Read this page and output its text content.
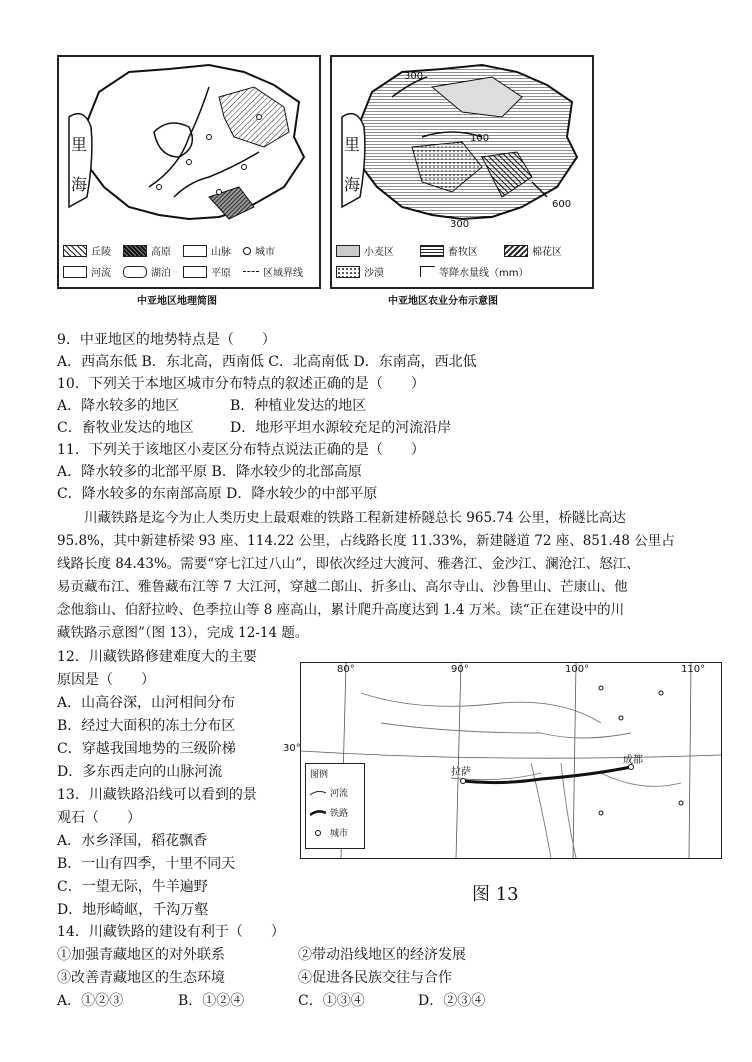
里
海
丘陵	高原	山脉 城市
河流	湖泊	平原	区域界线
中亚地区地理简图
300
100
600
300
里
海
小麦区	畜牧区	棉花区
沙漠	等降水量线（mm）
中亚地区农业分布示意图
9．中亚地区的地势特点是（　　）
A．西高东低 B．东北高，西南低 C．北高南低 D．东南高，西北低
10．下列关于本地区城市分布特点的叙述正确的是（　　）
A．降水较多的地区	B．种植业发达的地区
C．畜牧业发达的地区	D．地形平坦水源较充足的河流沿岸
11．下列关于该地区小麦区分布特点说法正确的是（　　）
A．降水较多的北部平原 B．降水较少的北部高原
C．降水较多的东南部高原 D．降水较少的中部平原
　　川藏铁路是迄今为止人类历史上最艰难的铁路工程新建桥隧总长 965.74 公里，桥隧比高达
95.8%，其中新建桥梁 93 座、114.22 公里，占线路长度 11.33%，新建隧道 72 座、851.48 公里占
线路长度 84.43%。需要“穿七江过八山”，即依次经过大渡河、雅砻江、金沙江、澜沧江、怒江、
易贡藏布江、雅鲁藏布江等 7 大江河，穿越二郎山、折多山、高尔寺山、沙鲁里山、芒康山、他
念他翁山、伯舒拉岭、色季拉山等 8 座高山，累计爬升高度达到 1.4 万米。读“正在建设中的川
藏铁路示意图”（图 13），完成 12-14 题。
12．川藏铁路修建难度大的主要
原因是（　　）
A．山高谷深，山河相间分布
B．经过大面积的冻土分布区
C．穿越我国地势的三级阶梯
D．多东西走向的山脉河流
13．川藏铁路沿线可以看到的景
观石（　　）
A．水乡泽国，稻花飘香
B．一山有四季，十里不同天
C．一望无际，牛羊遍野
D．地形崎岖，千沟万壑
80°	90°	100°	110°
30°
拉萨
成都
图例
河流
铁路
城市
图 13
14．川藏铁路的建设有利于（　　）
①加强青藏地区的对外联系	②带动沿线地区的经济发展
③改善青藏地区的生态环境	④促进各民族交往与合作
A．①②③	B．①②④	C．①③④	D．②③④
